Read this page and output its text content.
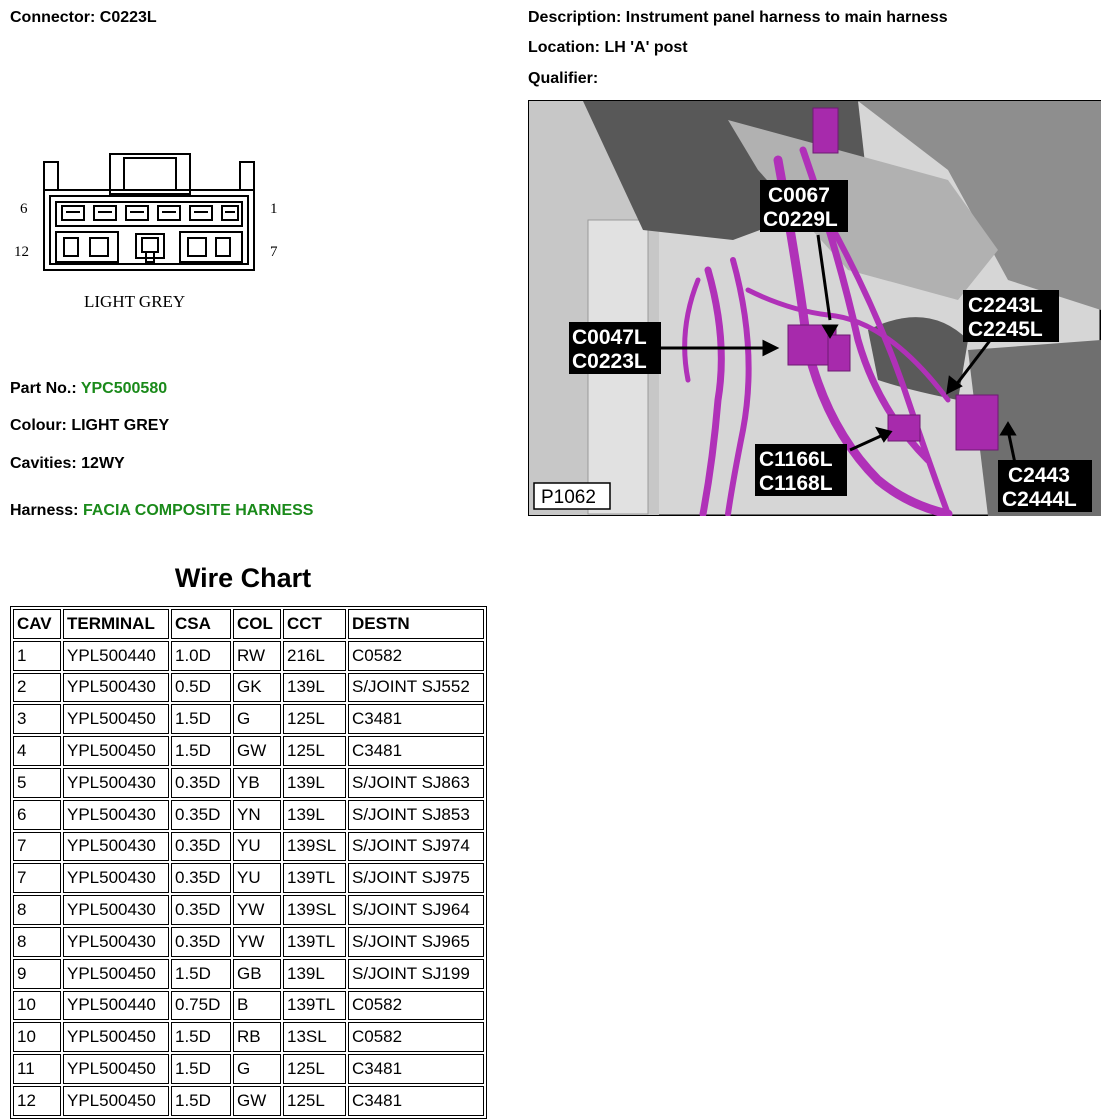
Connector: C0223L	Description: Instrument panel harness to main harness
Location: LH 'A' post
Qualifier:
6	1
12	7
LIGHT GREY
Part No.: YPC500580
Colour: LIGHT GREY
Cavities: 12WY
Harness: FACIA COMPOSITE HARNESS
C0067
C0229L
C0047L
C0223L
C2243L
C2245L
C1166L
C1168L	C2443
C2444L
P1062
Wire Chart
CAV	TERMINAL	CSA	COL	CCT	DESTN
1	YPL500440	1.0D	RW	216L	C0582
2	YPL500430	0.5D	GK	139L	S/JOINT SJ552
3	YPL500450	1.5D	G	125L	C3481
4	YPL500450	1.5D	GW	125L	C3481
5	YPL500430	0.35D	YB	139L	S/JOINT SJ863
6	YPL500430	0.35D	YN	139L	S/JOINT SJ853
7	YPL500430	0.35D	YU	139SL	S/JOINT SJ974
7	YPL500430	0.35D	YU	139TL	S/JOINT SJ975
8	YPL500430	0.35D	YW	139SL	S/JOINT SJ964
8	YPL500430	0.35D	YW	139TL	S/JOINT SJ965
9	YPL500450	1.5D	GB	139L	S/JOINT SJ199
10	YPL500440	0.75D	B	139TL	C0582
10	YPL500450	1.5D	RB	13SL	C0582
11	YPL500450	1.5D	G	125L	C3481
12	YPL500450	1.5D	GW	125L	C3481
